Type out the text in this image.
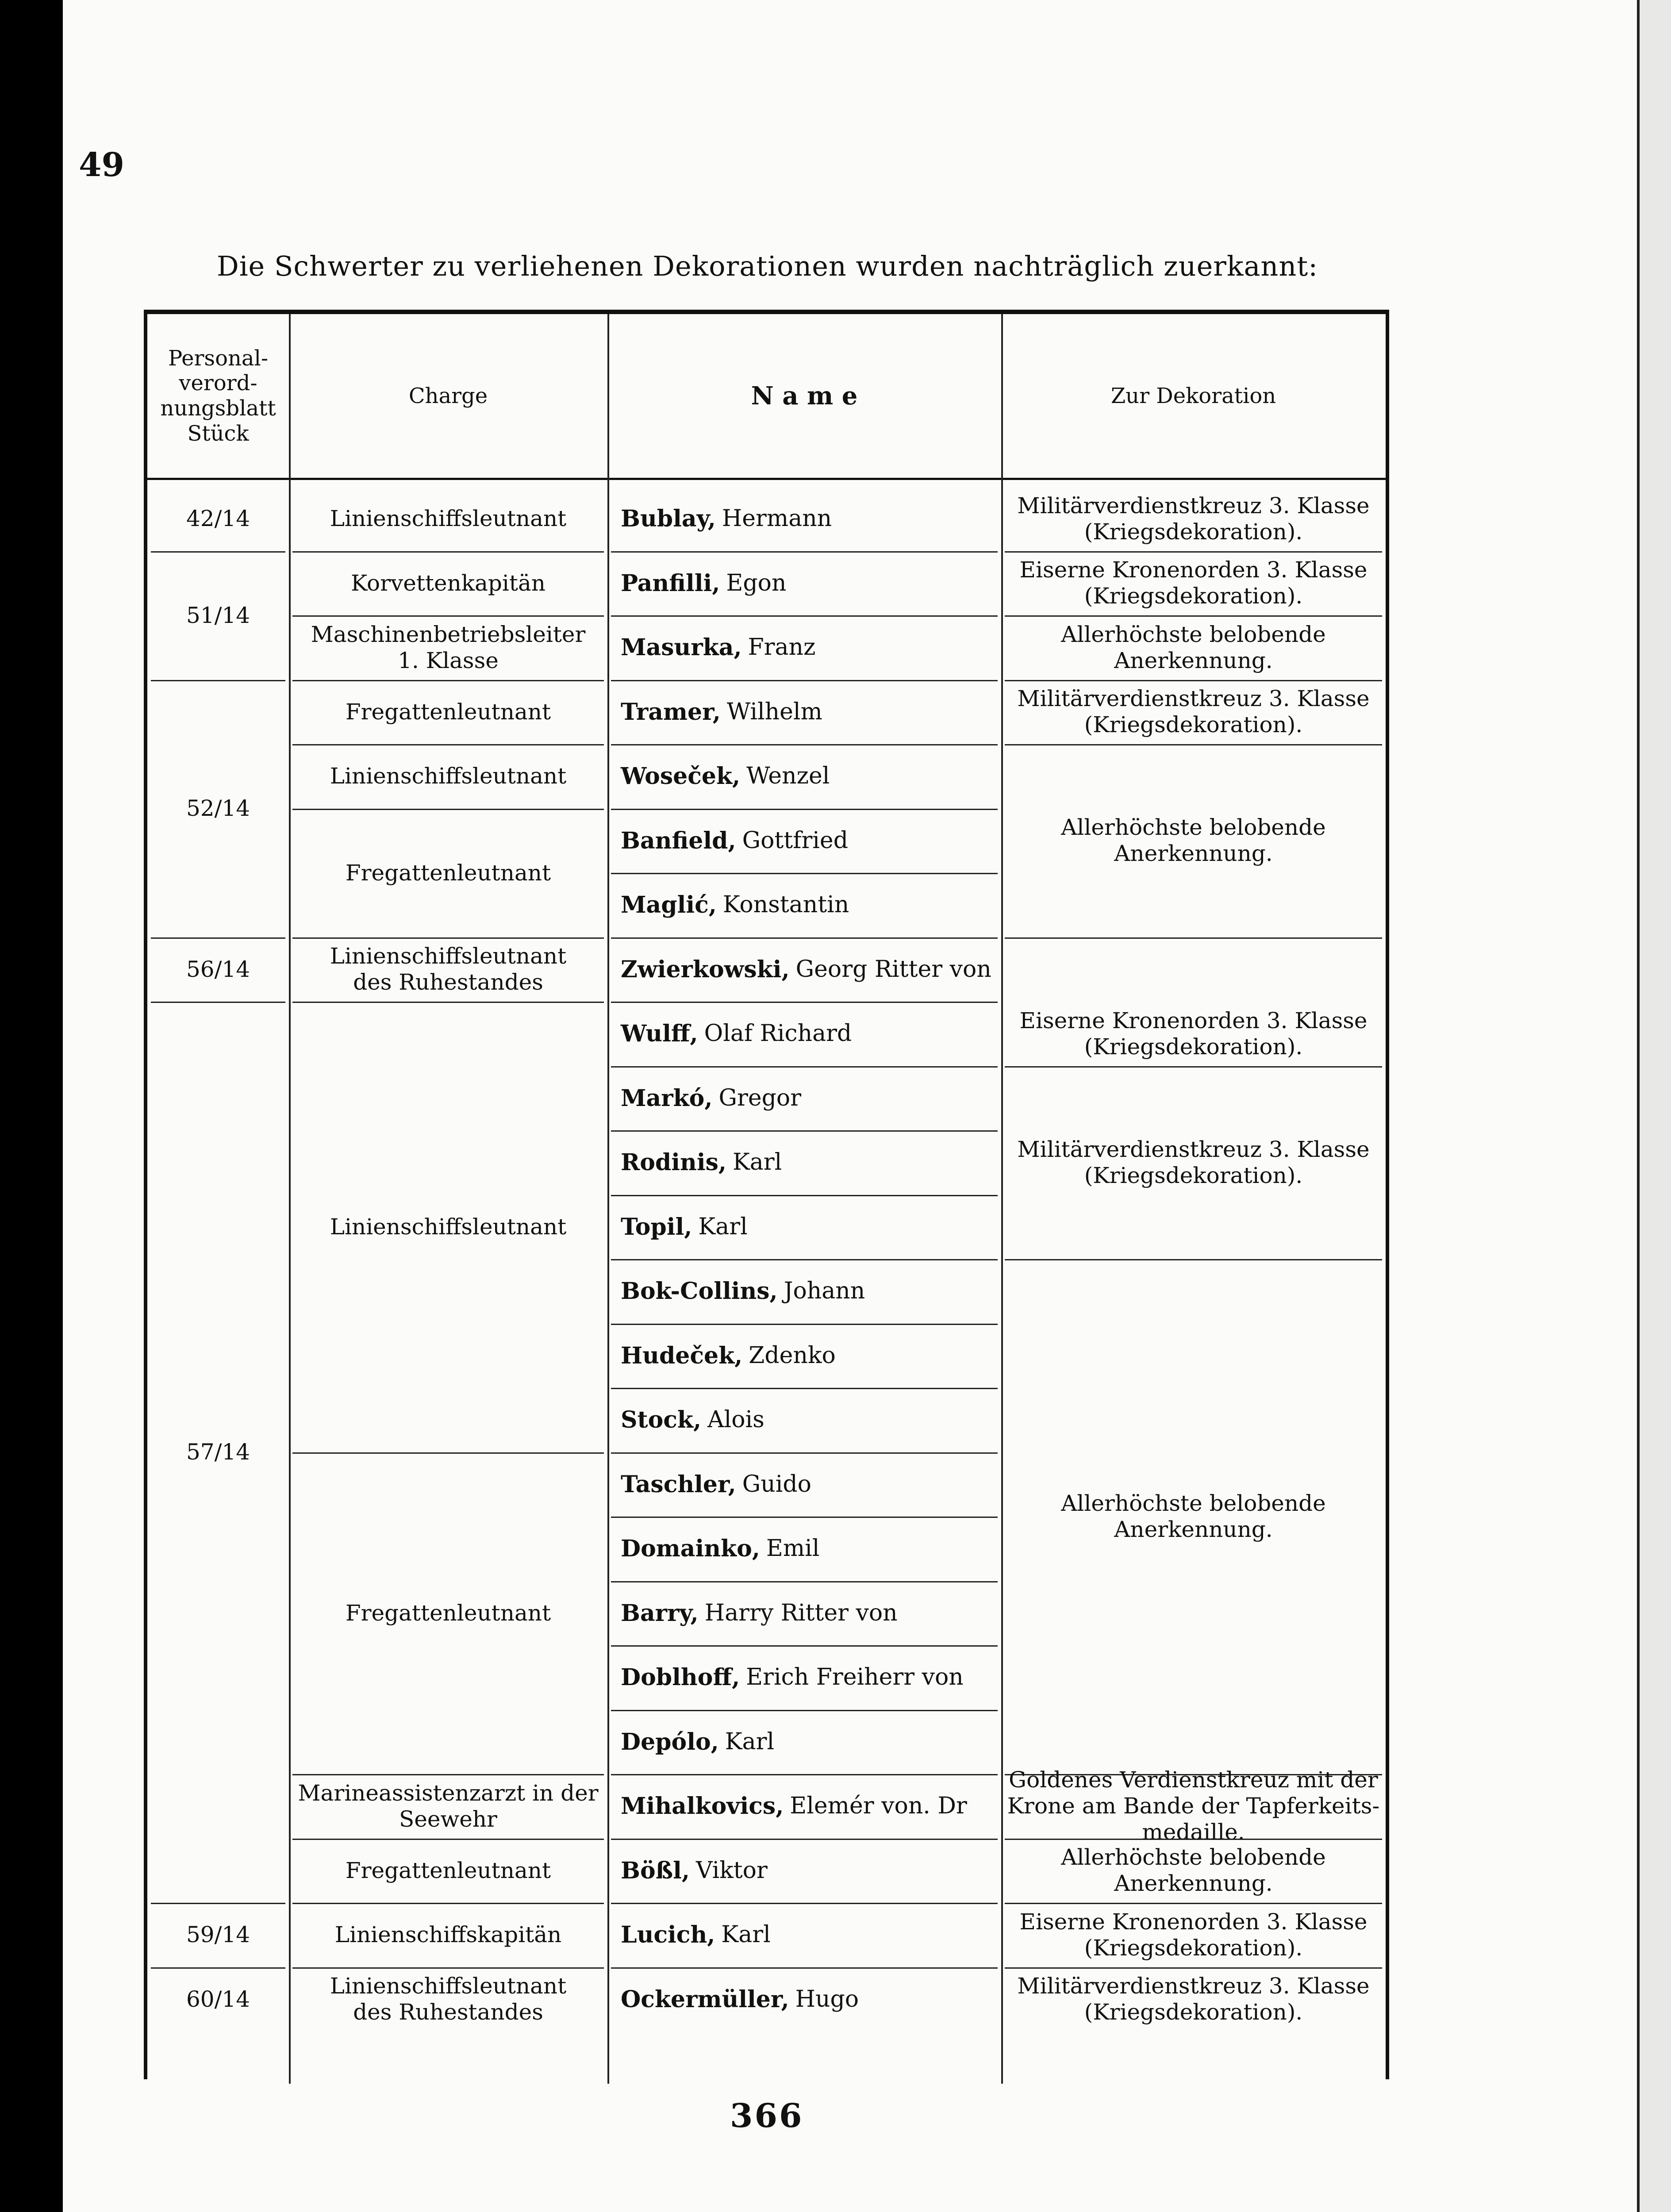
49
Die Schwerter zu verliehenen Dekorationen wurden nachträglich zuerkannt:
Personal-
verord-
nungsblatt
Stück
Charge	N a m e	Zur Dekoration
42/14
51/14
52/14
56/14
57/14
59/14
60/14
Linienschiffsleutnant
Korvettenkapitän
Maschinenbetriebsleiter
1. Klasse
Fregattenleutnant
Linienschiffsleutnant
Fregattenleutnant
Linienschiffsleutnant
des Ruhestandes
Linienschiffsleutnant
Fregattenleutnant
Marineassistenzarzt in der
Seewehr
Fregattenleutnant
Linienschiffskapitän
Linienschiffsleutnant
des Ruhestandes
Militärverdienstkreuz 3. Klasse
(Kriegsdekoration).
Eiserne Kronenorden 3. Klasse
(Kriegsdekoration).
Allerhöchste belobende Anerkennung.
Militärverdienstkreuz 3. Klasse
(Kriegsdekoration).
Allerhöchste belobende Anerkennung.
Eiserne Kronenorden 3. Klasse
(Kriegsdekoration).
Militärverdienstkreuz 3. Klasse
(Kriegsdekoration).
Allerhöchste belobende Anerkennung.
Goldenes Verdienstkreuz mit der
Krone am Bande der Tapferkeits-
medaille.
Allerhöchste belobende Anerkennung.
Eiserne Kronenorden 3. Klasse
(Kriegsdekoration).
Militärverdienstkreuz 3. Klasse
(Kriegsdekoration).
Bublay, Hermann
Panfilli, Egon
Masurka, Franz
Tramer, Wilhelm
Woseček, Wenzel
Banfield, Gottfried
Maglić, Konstantin
Zwierkowski, Georg Ritter von
Wulff, Olaf Richard
Markó, Gregor
Rodinis, Karl
Topil, Karl
Bok-Collins, Johann
Hudeček, Zdenko
Stock, Alois
Taschler, Guido
Domainko, Emil
Barry, Harry Ritter von
Doblhoff, Erich Freiherr von
Depólo, Karl
Mihalkovics, Elemér von. Dr
Bößl, Viktor
Lucich, Karl
Ockermüller, Hugo
366
